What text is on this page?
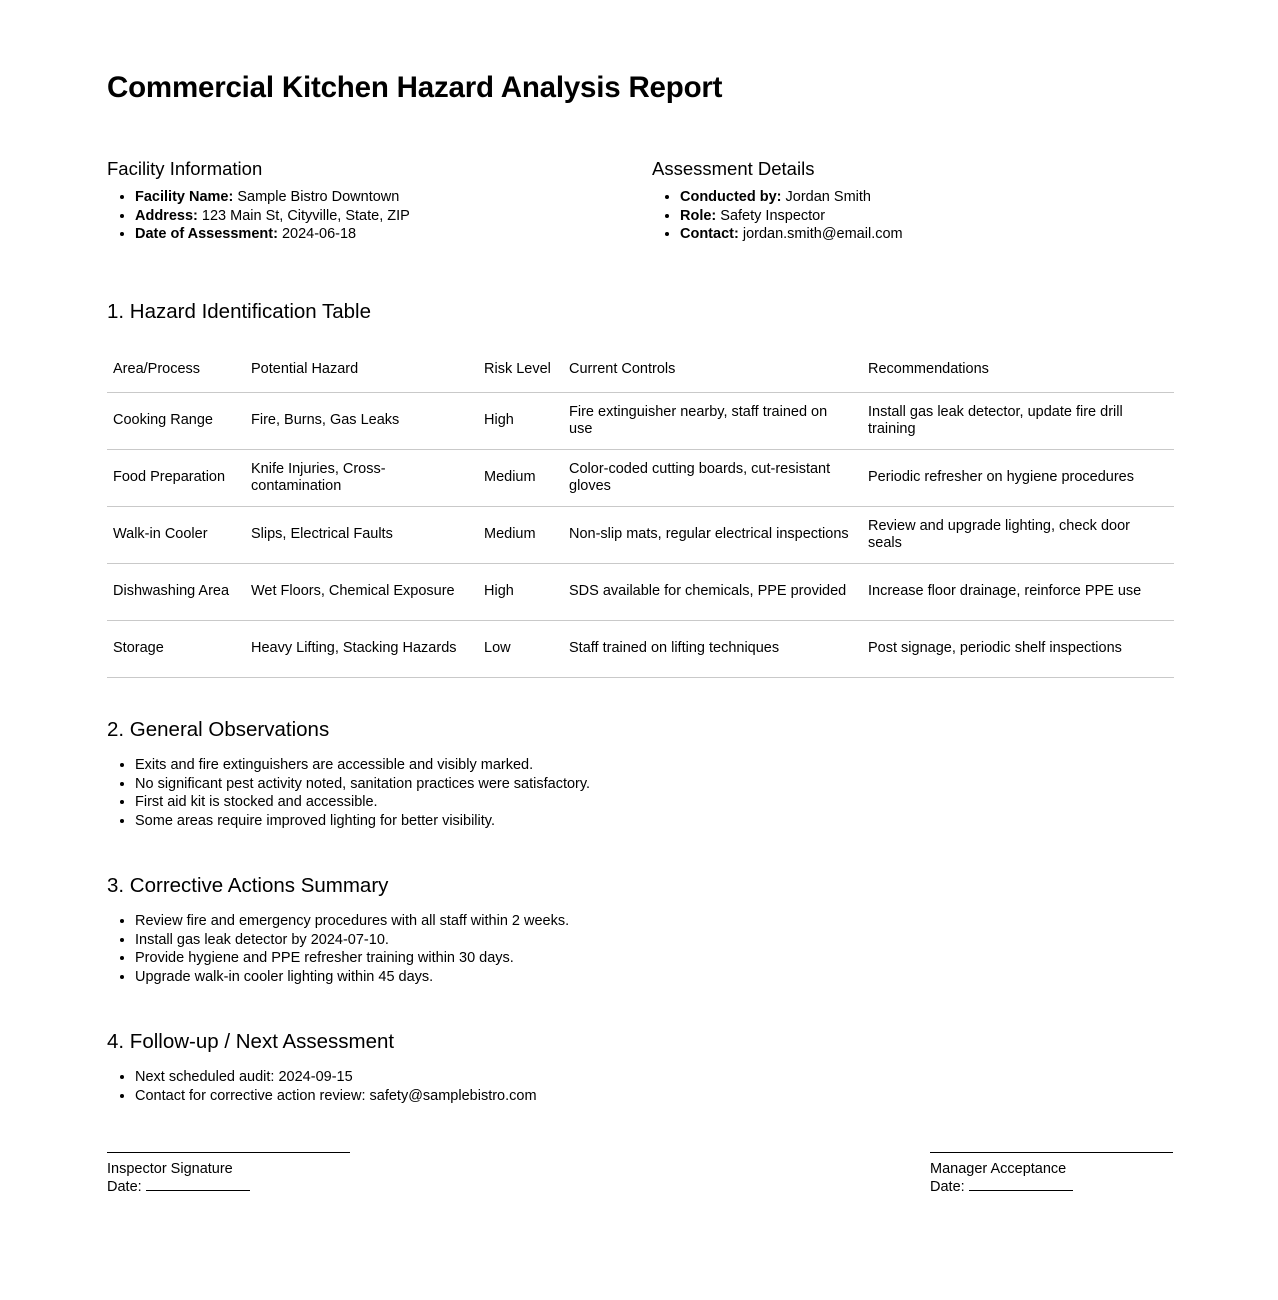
Commercial Kitchen Hazard Analysis Report
Facility Information
• Facility Name: Sample Bistro Downtown
• Address: 123 Main St, Cityville, State, ZIP
• Date of Assessment: 2024-06-18
Assessment Details
• Conducted by: Jordan Smith
• Role: Safety Inspector
• Contact: jordan.smith@email.com
1. Hazard Identification Table
Area/Process	Potential Hazard	Risk Level	Current Controls	Recommendations
Cooking Range	Fire, Burns, Gas Leaks	High	Fire extinguisher nearby, staff trained on use	Install gas leak detector, update fire drill training
Food Preparation	Knife Injuries, Cross-contamination	Medium	Color-coded cutting boards, cut-resistant gloves	Periodic refresher on hygiene procedures
Walk-in Cooler	Slips, Electrical Faults	Medium	Non-slip mats, regular electrical inspections	Review and upgrade lighting, check door seals
Dishwashing Area	Wet Floors, Chemical Exposure	High	SDS available for chemicals, PPE provided	Increase floor drainage, reinforce PPE use
Storage	Heavy Lifting, Stacking Hazards	Low	Staff trained on lifting techniques	Post signage, periodic shelf inspections
2. General Observations
• Exits and fire extinguishers are accessible and visibly marked.
• No significant pest activity noted, sanitation practices were satisfactory.
• First aid kit is stocked and accessible.
• Some areas require improved lighting for better visibility.
3. Corrective Actions Summary
• Review fire and emergency procedures with all staff within 2 weeks.
• Install gas leak detector by 2024-07-10.
• Provide hygiene and PPE refresher training within 30 days.
• Upgrade walk-in cooler lighting within 45 days.
4. Follow-up / Next Assessment
• Next scheduled audit: 2024-09-15
• Contact for corrective action review: safety@samplebistro.com
Inspector Signature
Date:
Manager Acceptance
Date:
